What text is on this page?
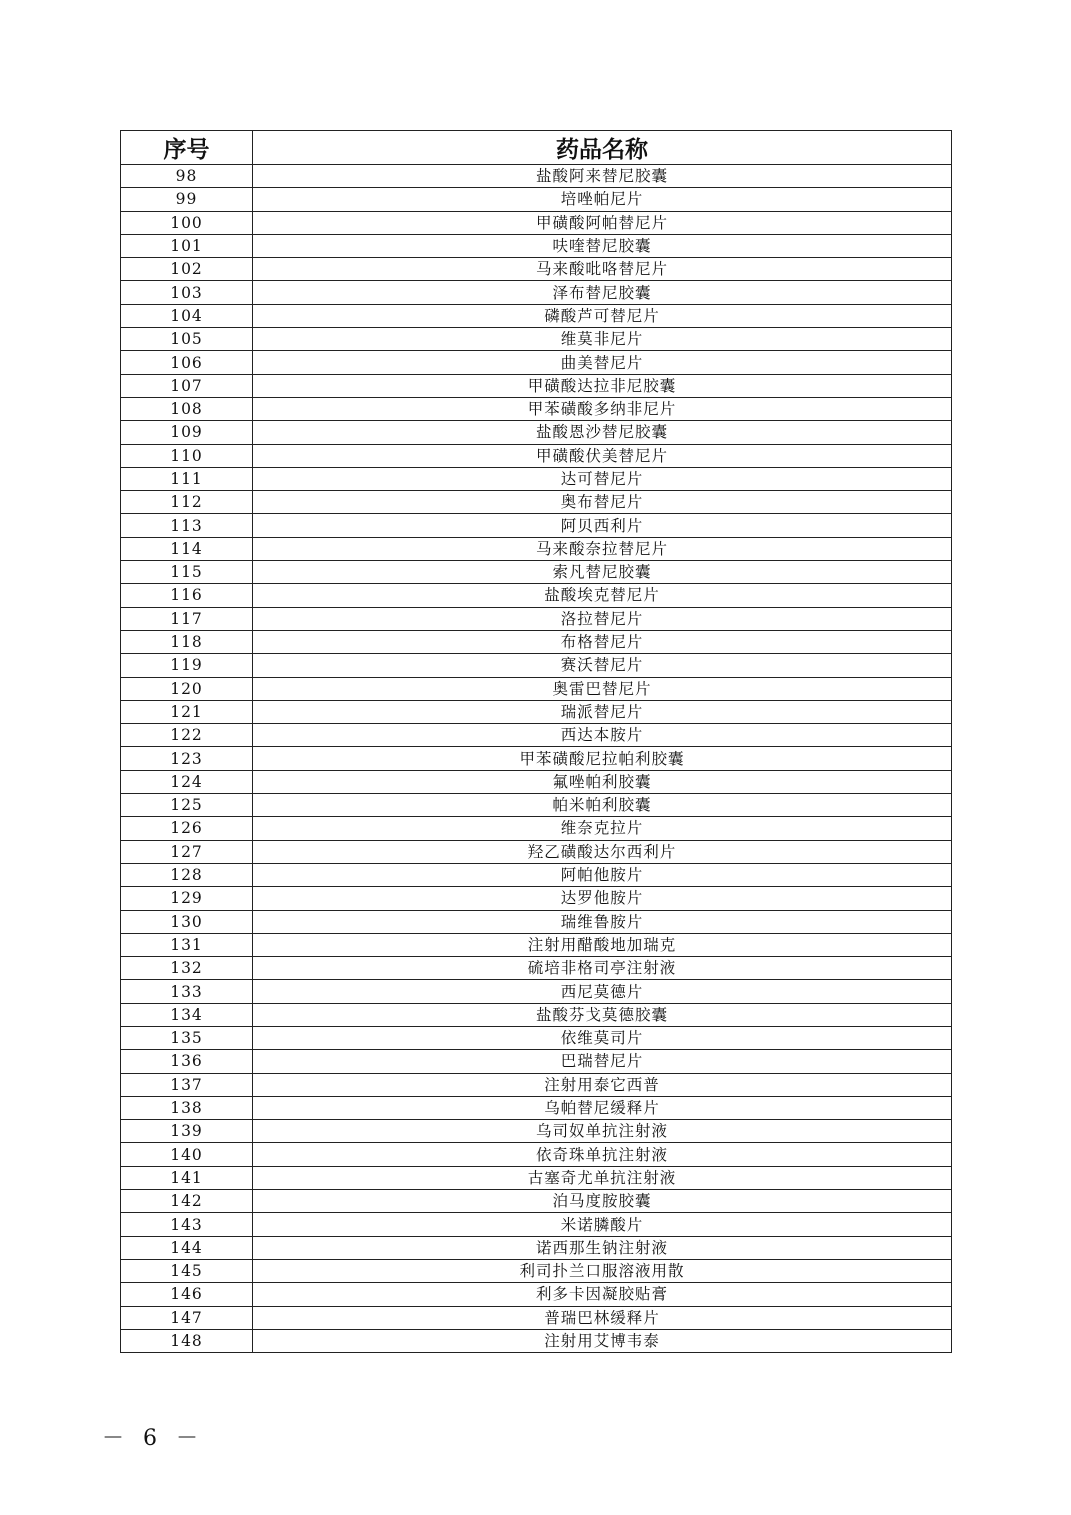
序号	药品名称
98	盐酸阿来替尼胶囊
99	培唑帕尼片
100	甲磺酸阿帕替尼片
101	呋喹替尼胶囊
102	马来酸吡咯替尼片
103	泽布替尼胶囊
104	磷酸芦可替尼片
105	维莫非尼片
106	曲美替尼片
107	甲磺酸达拉非尼胶囊
108	甲苯磺酸多纳非尼片
109	盐酸恩沙替尼胶囊
110	甲磺酸伏美替尼片
111	达可替尼片
112	奥布替尼片
113	阿贝西利片
114	马来酸奈拉替尼片
115	索凡替尼胶囊
116	盐酸埃克替尼片
117	洛拉替尼片
118	布格替尼片
119	赛沃替尼片
120	奥雷巴替尼片
121	瑞派替尼片
122	西达本胺片
123	甲苯磺酸尼拉帕利胶囊
124	氟唑帕利胶囊
125	帕米帕利胶囊
126	维奈克拉片
127	羟乙磺酸达尔西利片
128	阿帕他胺片
129	达罗他胺片
130	瑞维鲁胺片
131	注射用醋酸地加瑞克
132	硫培非格司亭注射液
133	西尼莫德片
134	盐酸芬戈莫德胶囊
135	依维莫司片
136	巴瑞替尼片
137	注射用泰它西普
138	乌帕替尼缓释片
139	乌司奴单抗注射液
140	依奇珠单抗注射液
141	古塞奇尤单抗注射液
142	泊马度胺胶囊
143	米诺膦酸片
144	诺西那生钠注射液
145	利司扑兰口服溶液用散
146	利多卡因凝胶贴膏
147	普瑞巴林缓释片
148	注射用艾博韦泰
－ 6 －
